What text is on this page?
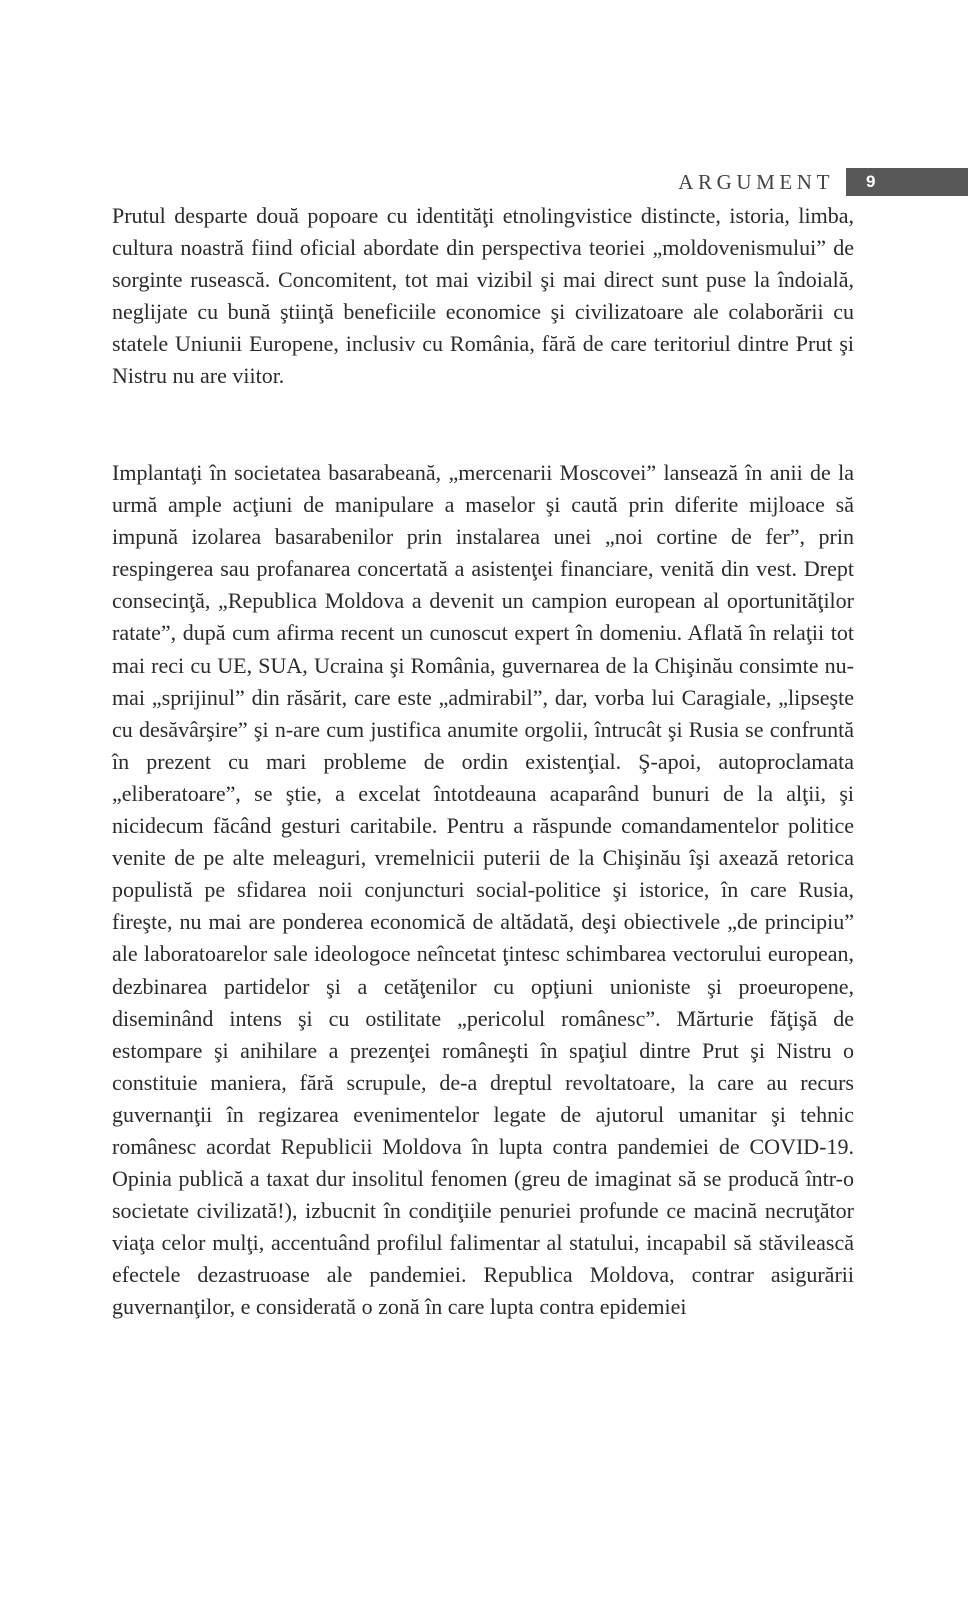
ARGUMENT	9

Prutul desparte două popoare cu identităţi etnolingvistice distincte, istoria, limba, cultura noastră fiind oficial abordate din perspectiva teoriei „moldovenismului” de sorginte rusească. Concomitent, tot mai vizibil şi mai direct sunt puse la îndoială, neglijate cu bună ştiinţă beneficiile economice şi civilizatoare ale colaborării cu statele Uniunii Europene, inclusiv cu România, fără de care teritoriul dintre Prut şi Nistru nu are viitor.

Implantaţi în societatea basarabeană, „mercenarii Moscovei” lansează în anii de la urmă ample acţiuni de manipulare a maselor şi caută prin diferite mijloace să impună izolarea basarabenilor prin instalarea unei „noi cortine de fer”, prin respingerea sau profanarea concertată a asistenţei financiare, venită din vest. Drept consecinţă, „Republica Moldova a devenit un campion european al oportunităţilor ratate”, după cum afirma recent un cunoscut expert în domeniu. Aflată în relaţii tot mai reci cu UE, SUA, Ucraina şi România, guvernarea de la Chişinău consimte numai „sprijinul” din răsărit, care este „admirabil”, dar, vorba lui Caragiale, „lipseşte cu desăvârşire” şi n-are cum justifica anumite orgolii, întrucât şi Rusia se confruntă în prezent cu mari probleme de ordin existenţial. Ş-apoi, autoproclamata „eliberatoare”, se ştie, a excelat întotdeauna acaparând bunuri de la alţii, şi nicidecum făcând gesturi caritabile. Pentru a răspunde comandamentelor politice venite de pe alte meleaguri, vremelnicii puterii de la Chişinău îşi axează retorica populistă pe sfidarea noii conjuncturi social-politice şi istorice, în care Rusia, fireşte, nu mai are ponderea economică de altădată, deşi obiectivele „de principiu” ale laboratoarelor sale ideologoce neîncetat ţintesc schimbarea vectorului european, dezbinarea partidelor şi a cetăţenilor cu opţiuni unioniste şi proeuropene, diseminând intens şi cu ostilitate „pericolul românesc”. Mărturie făţişă de estompare şi anihilare a prezenţei româneşti în spaţiul dintre Prut şi Nistru o constituie maniera, fără scrupule, de-a dreptul revoltatoare, la care au recurs guvernanţii în regizarea evenimentelor legate de ajutorul umanitar şi tehnic românesc acordat Republicii Moldova în lupta contra pandemiei de COVID-19. Opinia publică a taxat dur insolitul fenomen (greu de imaginat să se producă într-o societate civilizată!), izbucnit în condiţiile penuriei profunde ce macină necruţător viaţa celor mulţi, accentuând profilul falimentar al statului, incapabil să stăvilească efectele dezastruoase ale pandemiei. Republica Moldova, contrar asigurării guvernanţilor, e considerată o zonă în care lupta contra epidemiei
